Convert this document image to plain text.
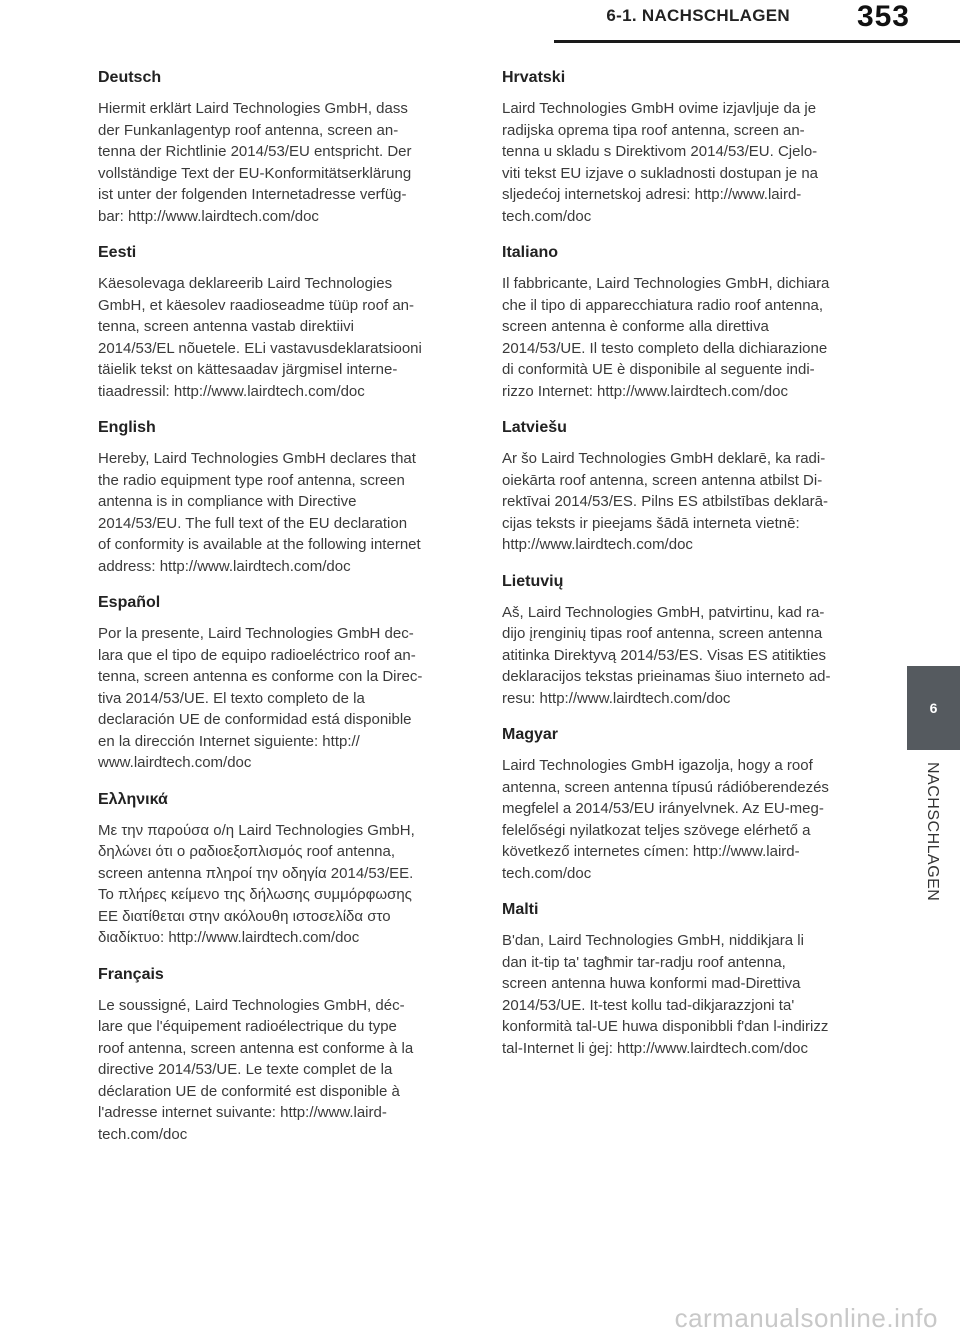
6-1. NACHSCHLAGEN	353
Deutsch

Hiermit erklärt Laird Technologies GmbH, dass
der Funkanlagentyp roof antenna, screen an-
tenna der Richtlinie 2014/53/EU entspricht. Der
vollständige Text der EU-Konformitätserklärung
ist unter der folgenden Internetadresse verfüg-
bar: http://www.lairdtech.com/doc

Eesti

Käesolevaga deklareerib Laird Technologies
GmbH, et käesolev raadioseadme tüüp roof an-
tenna, screen antenna vastab direktiivi
2014/53/EL nõuetele. ELi vastavusdeklaratsiooni
täielik tekst on kättesaadav järgmisel interne-
tiaadressil: http://www.lairdtech.com/doc

English

Hereby, Laird Technologies GmbH declares that
the radio equipment type roof antenna, screen
antenna is in compliance with Directive
2014/53/EU. The full text of the EU declaration
of conformity is available at the following internet
address: http://www.lairdtech.com/doc

Español

Por la presente, Laird Technologies GmbH dec-
lara que el tipo de equipo radioeléctrico roof an-
tenna, screen antenna es conforme con la Direc-
tiva 2014/53/UE. El texto completo de la
declaración UE de conformidad está disponible
en la dirección Internet siguiente: http://
www.lairdtech.com/doc

Ελληνικά

Με την παρούσα ο/η Laird Technologies GmbH,
δηλώνει ότι ο ραδιοεξοπλισμός roof antenna,
screen antenna πληροί την οδηγία 2014/53/ΕΕ.
Το πλήρες κείμενο της δήλωσης συμμόρφωσης
ΕΕ διατίθεται στην ακόλουθη ιστοσελίδα στο
διαδίκτυο: http://www.lairdtech.com/doc

Français

Le soussigné, Laird Technologies GmbH, déc-
lare que l'équipement radioélectrique du type
roof antenna, screen antenna est conforme à la
directive 2014/53/UE. Le texte complet de la
déclaration UE de conformité est disponible à
l'adresse internet suivante: http://www.laird-
tech.com/doc

Hrvatski

Laird Technologies GmbH ovime izjavljuje da je
radijska oprema tipa roof antenna, screen an-
tenna u skladu s Direktivom 2014/53/EU. Cjelo-
viti tekst EU izjave o sukladnosti dostupan je na
sljedećoj internetskoj adresi: http://www.laird-
tech.com/doc

Italiano

Il fabbricante, Laird Technologies GmbH, dichiara
che il tipo di apparecchiatura radio roof antenna,
screen antenna è conforme alla direttiva
2014/53/UE. Il testo completo della dichiarazione
di conformità UE è disponibile al seguente indi-
rizzo Internet: http://www.lairdtech.com/doc

Latviešu

Ar šo Laird Technologies GmbH deklarē, ka radi-
oiekārta roof antenna, screen antenna atbilst Di-
rektīvai 2014/53/ES. Pilns ES atbilstības deklarā-
cijas teksts ir pieejams šādā interneta vietnē:
http://www.lairdtech.com/doc

Lietuvių

Aš, Laird Technologies GmbH, patvirtinu, kad ra-
dijo įrenginių tipas roof antenna, screen antenna
atitinka Direktyvą 2014/53/ES. Visas ES atitikties
deklaracijos tekstas prieinamas šiuo interneto ad-
resu: http://www.lairdtech.com/doc

Magyar

Laird Technologies GmbH igazolja, hogy a roof
antenna, screen antenna típusú rádióberendezés
megfelel a 2014/53/EU irányelvnek. Az EU-meg-
felelőségi nyilatkozat teljes szövege elérhető a
következő internetes címen: http://www.laird-
tech.com/doc

Malti

B'dan, Laird Technologies GmbH, niddikjara li
dan it-tip ta' tagħmir tar-radju roof antenna,
screen antenna huwa konformi mad-Direttiva
2014/53/UE. It-test kollu tad-dikjarazzjoni ta'
konformità tal-UE huwa disponibbli f'dan l-indirizz
tal-Internet li ġej: http://www.lairdtech.com/doc

6
NACHSCHLAGEN
carmanualsonline.info
